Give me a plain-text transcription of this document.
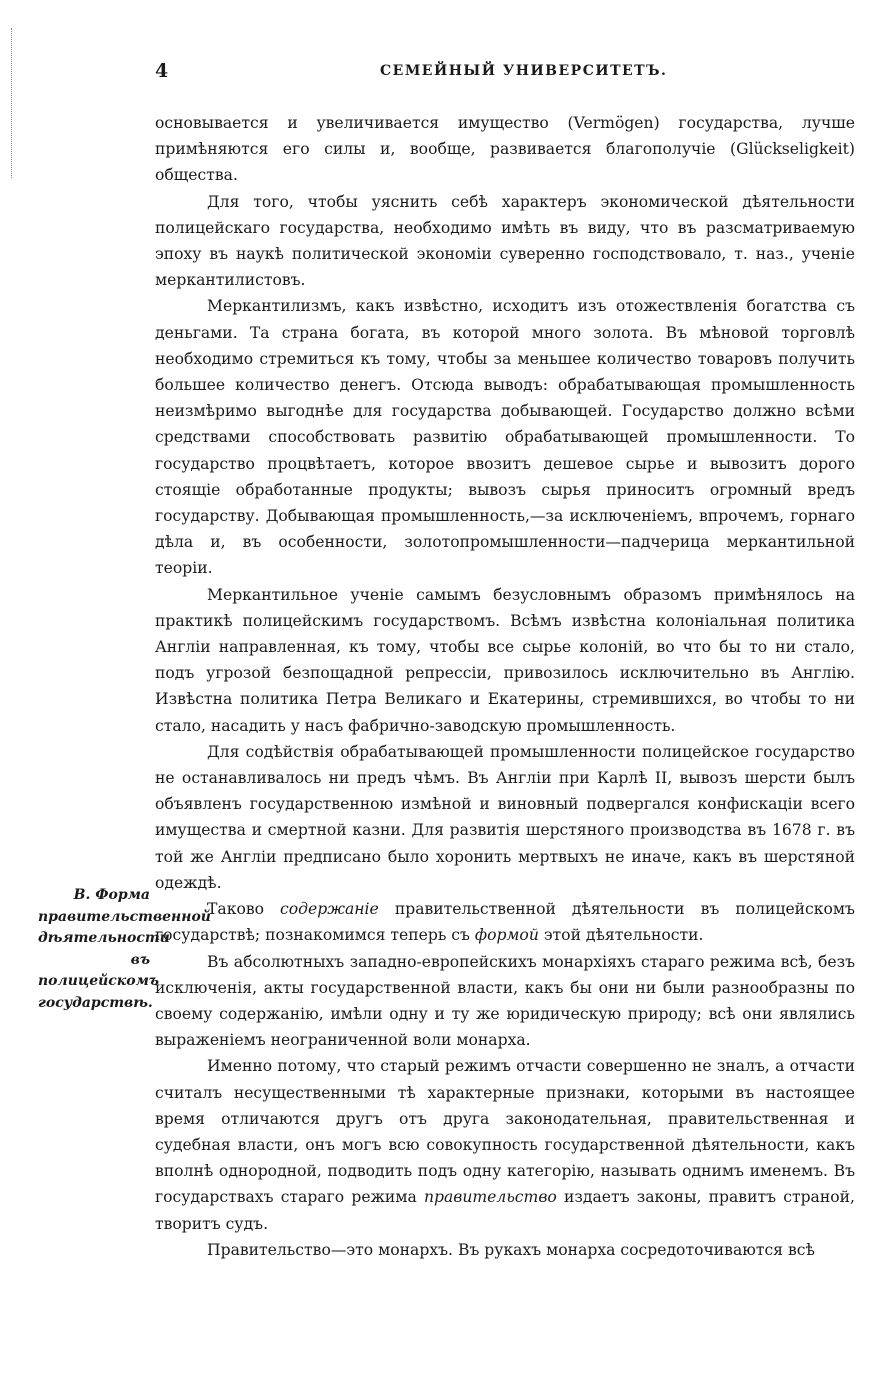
4	СЕМЕЙНЫЙ УНИВЕРСИТЕТЪ.
В. Форма правительственной дѣятельности въ полицейскомъ государствѣ.

основывается и увеличивается имущество (Vermögen) государства, лучше примѣняются его силы и, вообще, развивается благополучіе (Glückseligkeit) общества.

Для того, чтобы уяснить себѣ характеръ экономической дѣятельности полицейскаго государства, необходимо имѣть въ виду, что въ разсматриваемую эпоху въ наукѣ политической экономіи суверенно господствовало, т. наз., ученіе меркантилистовъ.

Меркантилизмъ, какъ извѣстно, исходитъ изъ отожествленія богатства съ деньгами. Та страна богата, въ которой много золота. Въ мѣновой торговлѣ необходимо стремиться къ тому, чтобы за меньшее количество товаровъ получить большее количество денегъ. Отсюда выводъ: обрабатывающая промышленность неизмѣримо выгоднѣе для государства добывающей. Государство должно всѣми средствами способствовать развитію обрабатывающей промышленности. То государство процвѣтаетъ, которое ввозитъ дешевое сырье и вывозитъ дорого стоящіе обработанные продукты; вывозъ сырья приноситъ огромный вредъ государству. Добывающая промышленность,—за исключеніемъ, впрочемъ, горнаго дѣла и, въ особенности, золотопромышленности—падчерица меркантильной теоріи.

Меркантильное ученіе самымъ безусловнымъ образомъ примѣнялось на практикѣ полицейскимъ государствомъ. Всѣмъ извѣстна колоніальная политика Англіи направленная, къ тому, чтобы все сырье колоній, во что бы то ни стало, подъ угрозой безпощадной репрессіи, привозилось исключительно въ Англію. Извѣстна политика Петра Великаго и Екатерины, стремившихся, во чтобы то ни стало, насадить у насъ фабрично-заводскую промышленность.

Для содѣйствія обрабатывающей промышленности полицейское государство не останавливалось ни предъ чѣмъ. Въ Англіи при Карлѣ II, вывозъ шерсти былъ объявленъ государственною измѣной и виновный подвергался конфискаціи всего имущества и смертной казни. Для развитія шерстяного производства въ 1678 г. въ той же Англіи предписано было хоронить мертвыхъ не иначе, какъ въ шерстяной одеждѣ.

Таково содержаніе правительственной дѣятельности въ полицейскомъ государствѣ; познакомимся теперь съ формой этой дѣятельности.

Въ абсолютныхъ западно-европейскихъ монархіяхъ стараго режима всѣ, безъ исключенія, акты государственной власти, какъ бы они ни были разнообразны по своему содержанію, имѣли одну и ту же юридическую природу; всѣ они являлись выраженіемъ неограниченной воли монарха.

Именно потому, что старый режимъ отчасти совершенно не зналъ, а отчасти считалъ несущественными тѣ характерные признаки, которыми въ настоящее время отличаются другъ отъ друга законодательная, правительственная и судебная власти, онъ могъ всю совокупность государственной дѣятельности, какъ вполнѣ однородной, подводить подъ одну категорію, называть однимъ именемъ. Въ государствахъ стараго режима правительство издаетъ законы, правитъ страной, творитъ судъ.

Правительство—это монархъ. Въ рукахъ монарха сосредоточиваются всѣ
